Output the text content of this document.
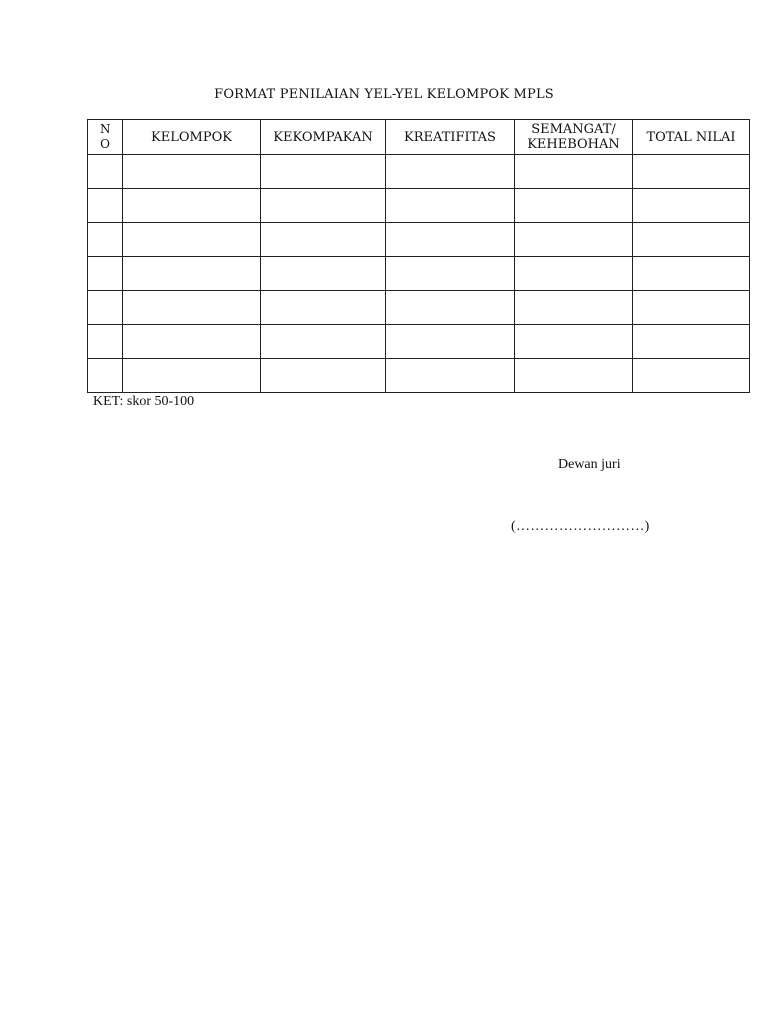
FORMAT PENILAIAN YEL-YEL KELOMPOK MPLS
NO	KELOMPOK	KEKOMPAKAN	KREATIFITAS	SEMANGAT/ KEHEBOHAN	TOTAL NILAI

KET: skor 50-100
Dewan juri
(………………………)
